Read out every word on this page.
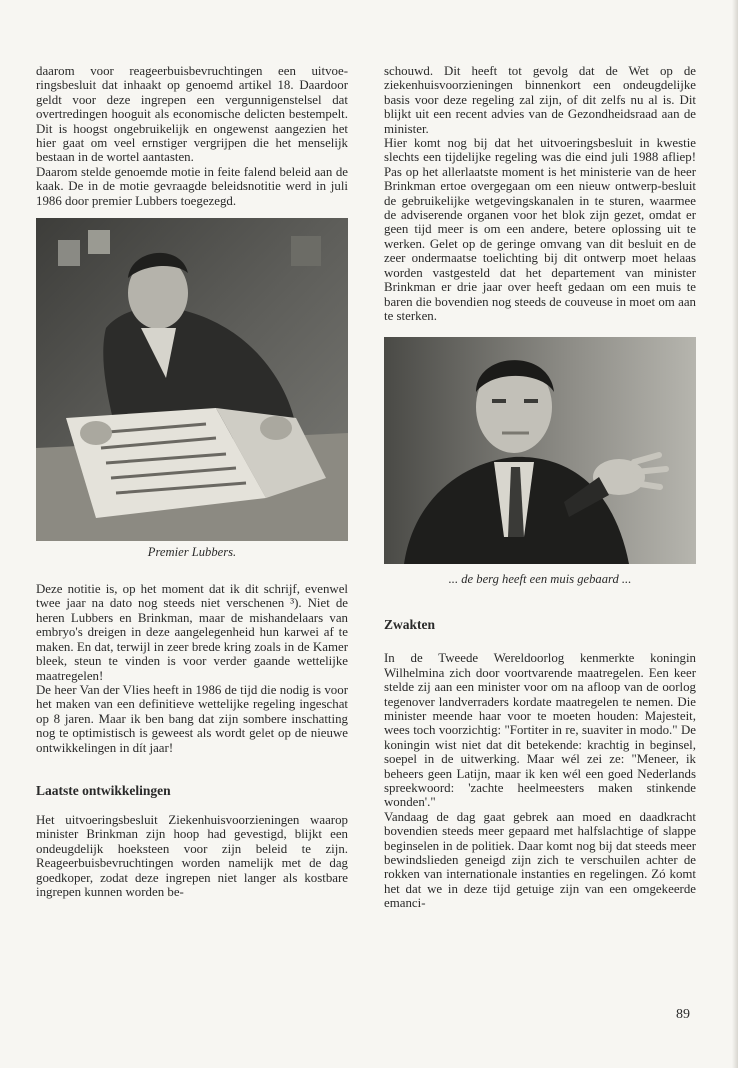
daarom voor reageerbuisbevruchtingen een uitvoeringsbesluit dat inhaakt op genoemd artikel 18. Daardoor geldt voor deze ingrepen een vergunnigenstelsel dat overtredingen hooguit als economische delicten bestempelt. Dit is hoogst ongebruikelijk en ongewenst aangezien het hier gaat om veel ernstiger vergrijpen die het menselijk bestaan in de wortel aantasten.

Daarom stelde genoemde motie in feite falend beleid aan de kaak. De in de motie gevraagde beleidsnotitie werd in juli 1986 door premier Lubbers toegezegd.

Premier Lubbers.

Deze notitie is, op het moment dat ik dit schrijf, evenwel twee jaar na dato nog steeds niet verschenen ³). Niet de heren Lubbers en Brinkman, maar de mishandelaars van embryo's dreigen in deze aangelegenheid hun karwei af te maken. En dat, terwijl in zeer brede kring zoals in de Kamer bleek, steun te vinden is voor verder gaande wettelijke maatregelen!

De heer Van der Vlies heeft in 1986 de tijd die nodig is voor het maken van een definitieve wettelijke regeling ingeschat op 8 jaren. Maar ik ben bang dat zijn sombere inschatting nog te optimistisch is geweest als wordt gelet op de nieuwe ontwikkelingen in dít jaar!

Laatste ontwikkelingen

Het uitvoeringsbesluit Ziekenhuisvoorzieningen waarop minister Brinkman zijn hoop had gevestigd, blijkt een ondeugdelijk hoeksteen voor zijn beleid te zijn. Reageerbuisbevruchtingen worden namelijk met de dag goedkoper, zodat deze ingrepen niet langer als kostbare ingrepen kunnen worden be-

schouwd. Dit heeft tot gevolg dat de Wet op de ziekenhuisvoorzieningen binnenkort een ondeugdelijke basis voor deze regeling zal zijn, of dit zelfs nu al is. Dit blijkt uit een recent advies van de Gezondheidsraad aan de minister.

Hier komt nog bij dat het uitvoeringsbesluit in kwestie slechts een tijdelijke regeling was die eind juli 1988 afliep! Pas op het allerlaatste moment is het ministerie van de heer Brinkman ertoe overgegaan om een nieuw ontwerp-besluit de gebruikelijke wetgevingskanalen in te sturen, waarmee de adviserende organen voor het blok zijn gezet, omdat er geen tijd meer is om een andere, betere oplossing uit te werken. Gelet op de geringe omvang van dit besluit en de zeer ondermaatse toelichting bij dit ontwerp moet helaas worden vastgesteld dat het departement van minister Brinkman er drie jaar over heeft gedaan om een muis te baren die bovendien nog steeds de couveuse in moet om aan te sterken.

... de berg heeft een muis gebaard ...

Zwakten

In de Tweede Wereldoorlog kenmerkte koningin Wilhelmina zich door voortvarende maatregelen. Een keer stelde zij aan een minister voor om na afloop van de oorlog tegenover landverraders kordate maatregelen te nemen. Die minister meende haar voor te moeten houden: Majesteit, wees toch voorzichtig: "Fortiter in re, suaviter in modo." De koningin wist niet dat dit betekende: krachtig in beginsel, soepel in de uitwerking. Maar wél zei ze: "Meneer, ik beheers geen Latijn, maar ik ken wél een goed Nederlands spreekwoord: 'zachte heelmeesters maken stinkende wonden'."

Vandaag de dag gaat gebrek aan moed en daadkracht bovendien steeds meer gepaard met halfslachtige of slappe beginselen in de politiek. Daar komt nog bij dat steeds meer bewindslieden geneigd zijn zich te verschuilen achter de rokken van internationale instanties en regelingen. Zó komt het dat we in deze tijd getuige zijn van een omgekeerde emanci-

89
